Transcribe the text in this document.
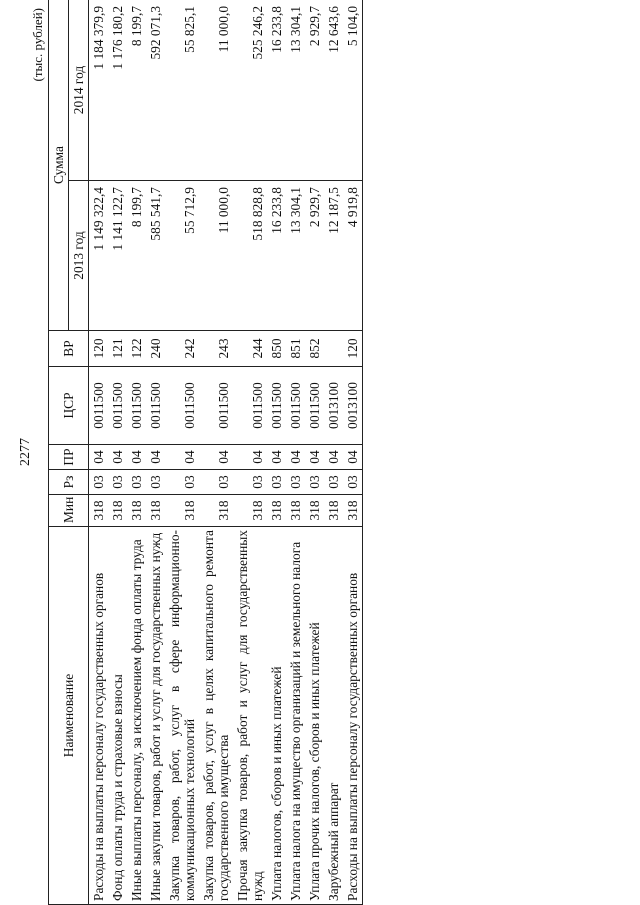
2277
(тыс. рублей)
Наименование	Мин	Рз	ПР	ЦСР	ВР	Сумма	
						2013 год	2014 год
Расходы на выплаты персоналу государственных органов	318	03	04	0011500	120	1 149 322,4	1 184 379,9
Фонд оплаты труда и страховые взносы	318	03	04	0011500	121	1 141 122,7	1 176 180,2
Иные выплаты персоналу, за исключением фонда оплаты труда	318	03	04	0011500	122	8 199,7	8 199,7
Иные закупки товаров, работ и услуг для государственных нужд	318	03	04	0011500	240	585 541,7	592 071,3
Закупка товаров, работ, услуг в сфере информационно-коммуникационных технологий	318	03	04	0011500	242	55 712,9	55 825,1
Закупка товаров, работ, услуг в целях капитального ремонта государственного имущества	318	03	04	0011500	243	11 000,0	11 000,0
Прочая закупка товаров, работ и услуг для государственных нужд	318	03	04	0011500	244	518 828,8	525 246,2
Уплата налогов, сборов и иных платежей	318	03	04	0011500	850	16 233,8	16 233,8
Уплата налога на имущество организаций и земельного налога	318	03	04	0011500	851	13 304,1	13 304,1
Уплата прочих налогов, сборов и иных платежей	318	03	04	0011500	852	2 929,7	2 929,7
Зарубежный аппарат	318	03	04	0013100		12 187,5	12 643,6
Расходы на выплаты персоналу государственных органов	318	03	04	0013100	120	4 919,8	5 104,0
